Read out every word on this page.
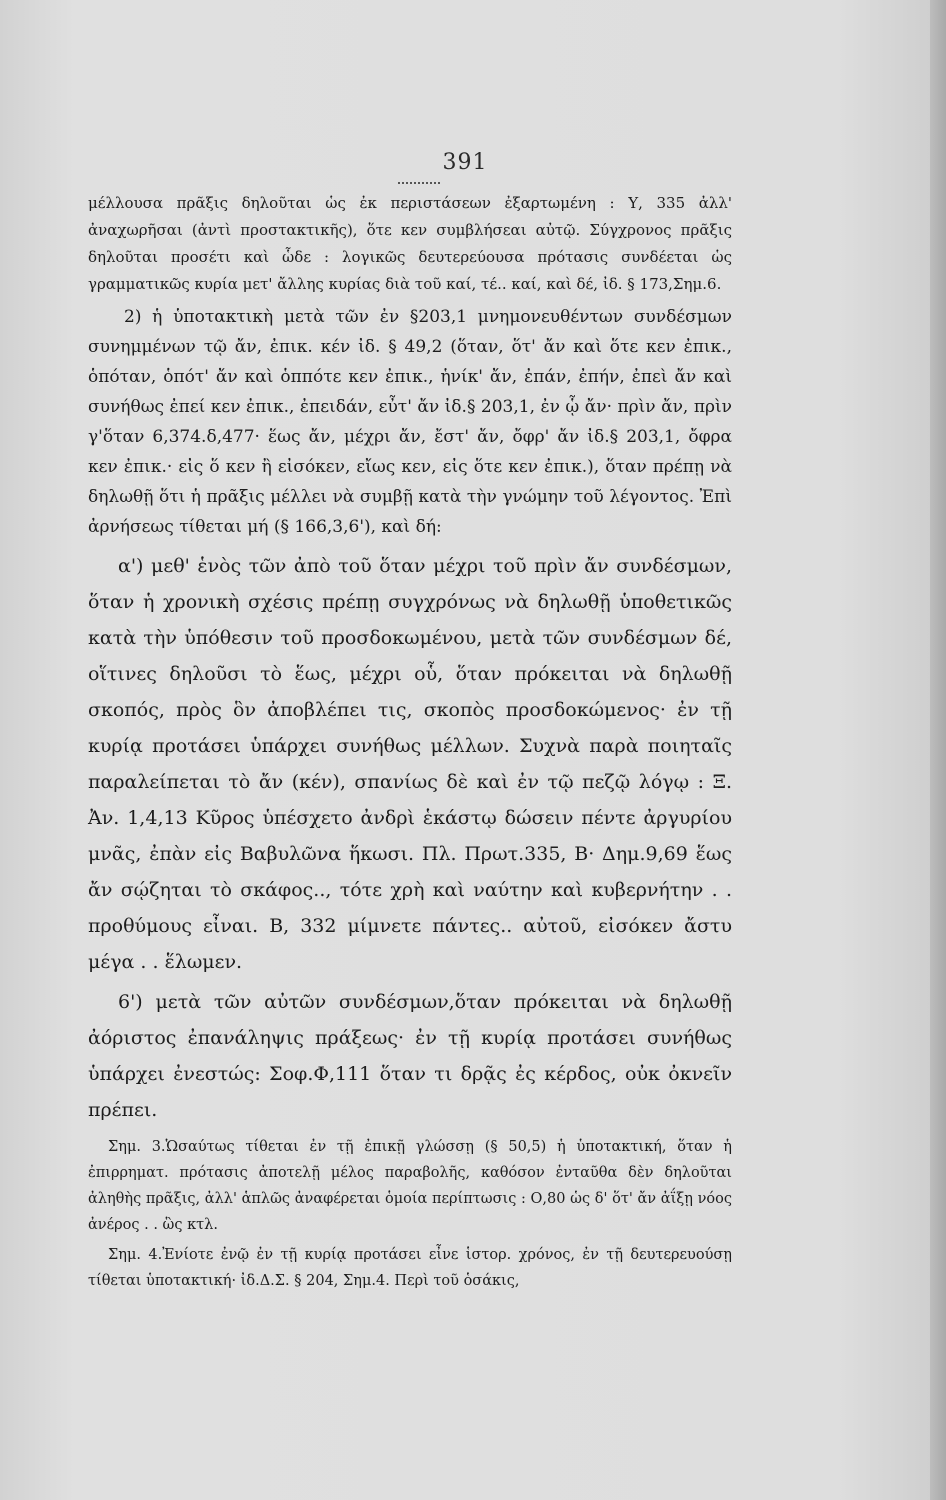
391

μέλλουσα πρᾶξις δηλοῦται ὡς ἐκ περιστάσεων ἐξαρτωμένη : Υ, 335 ἀλλ' ἀναχωρῆσαι (ἀντὶ προστακτικῆς), ὅτε κεν συμβλήσεαι αὐτῷ. Σύγχρονος πρᾶξις δηλοῦται προσέτι καὶ ὧδε : λογικῶς δευτερεύουσα πρότασις συνδέεται ὡς γραμματικῶς κυρία μετ' ἄλλης κυρίας διὰ τοῦ καί, τέ.. καί, καὶ δέ, ἰδ. § 173,Σημ.6.

2) ἡ ὑποτακτικὴ μετὰ τῶν ἐν §203,1 μνημονευθέντων συνδέσμων συνημμένων τῷ ἄν, ἐπικ. κέν ἰδ. § 49,2 (ὅταν, ὅτ' ἄν καὶ ὅτε κεν ἐπικ., ὁπόταν, ὁπότ' ἄν καὶ ὁππότε κεν ἐπικ., ἡνίκ' ἄν, ἐπάν, ἐπήν, ἐπεὶ ἄν καὶ συνήθως ἐπεί κεν ἐπικ., ἐπειδάν, εὖτ' ἄν ἰδ.§ 203,1, ἐν ᾧ ἄν· πρὶν ἄν, πρὶν γ'ὅταν 6,374.δ,477· ἕως ἄν, μέχρι ἄν, ἔστ' ἄν, ὄφρ' ἄν ἰδ.§ 203,1, ὄφρα κεν ἐπικ.· εἰς ὅ κεν ἢ εἰσόκεν, εἴως κεν, εἰς ὅτε κεν ἐπικ.), ὅταν πρέπῃ νὰ δηλωθῇ ὅτι ἡ πρᾶξις μέλλει νὰ συμβῇ κατὰ τὴν γνώμην τοῦ λέγοντος. Ἐπὶ ἀρνήσεως τίθεται μή (§ 166,3,6'), καὶ δή:

α') μεθ' ἑνὸς τῶν ἀπὸ τοῦ ὅταν μέχρι τοῦ πρὶν ἄν συνδέσμων, ὅταν ἡ χρονικὴ σχέσις πρέπῃ συγχρόνως νὰ δηλωθῇ ὑποθετικῶς κατὰ τὴν ὑπόθεσιν τοῦ προσδοκωμένου, μετὰ τῶν συνδέσμων δέ, οἵτινες δηλοῦσι τὸ ἕως, μέχρι οὗ, ὅταν πρόκειται νὰ δηλωθῇ σκοπός, πρὸς ὃν ἀποβλέπει τις, σκοπὸς προσδοκώμενος· ἐν τῇ κυρίᾳ προτάσει ὑπάρχει συνήθως μέλλων. Συχνὰ παρὰ ποιηταῖς παραλείπεται τὸ ἄν (κέν), σπανίως δὲ καὶ ἐν τῷ πεζῷ λόγῳ : Ξ. Ἀν. 1,4,13 Κῦρος ὑπέσχετο ἀνδρὶ ἑκάστῳ δώσειν πέντε ἀργυρίου μνᾶς, ἐπὰν εἰς Βαβυλῶνα ἥκωσι. Πλ. Πρωτ.335, Β· Δημ.9,69 ἕως ἄν σῴζηται τὸ σκάφος.., τότε χρὴ καὶ ναύτην καὶ κυβερνήτην . . προθύμους εἶναι. Β, 332 μίμνετε πάντες.. αὐτοῦ, εἰσόκεν ἄστυ μέγα . . ἕλωμεν.

6') μετὰ τῶν αὐτῶν συνδέσμων,ὅταν πρόκειται νὰ δηλωθῇ ἀόριστος ἐπανάληψις πράξεως· ἐν τῇ κυρίᾳ προτάσει συνήθως ὑπάρχει ἐνεστώς: Σοφ.Φ,111 ὅταν τι δρᾷς ἐς κέρδος, οὐκ ὀκνεῖν πρέπει.

Σημ. 3.Ὡσαύτως τίθεται ἐν τῇ ἐπικῇ γλώσσῃ (§ 50,5) ἡ ὑποτακτική, ὅταν ἡ ἐπιρρηματ. πρότασις ἀποτελῇ μέλος παραβολῆς, καθόσον ἐνταῦθα δὲν δηλοῦται ἀληθὴς πρᾶξις, ἀλλ' ἁπλῶς ἀναφέρεται ὁμοία περίπτωσις : Ο,80 ὡς δ' ὅτ' ἄν ἀΐξῃ νόος ἀνέρος . . ὣς κτλ.

Σημ. 4.Ἐνίοτε ἐνῷ ἐν τῇ κυρίᾳ προτάσει εἶνε ἱστορ. χρόνος, ἐν τῇ δευτερευούσῃ τίθεται ὑποτακτική· ἰδ.Δ.Σ. § 204, Σημ.4. Περὶ τοῦ ὁσάκις,
